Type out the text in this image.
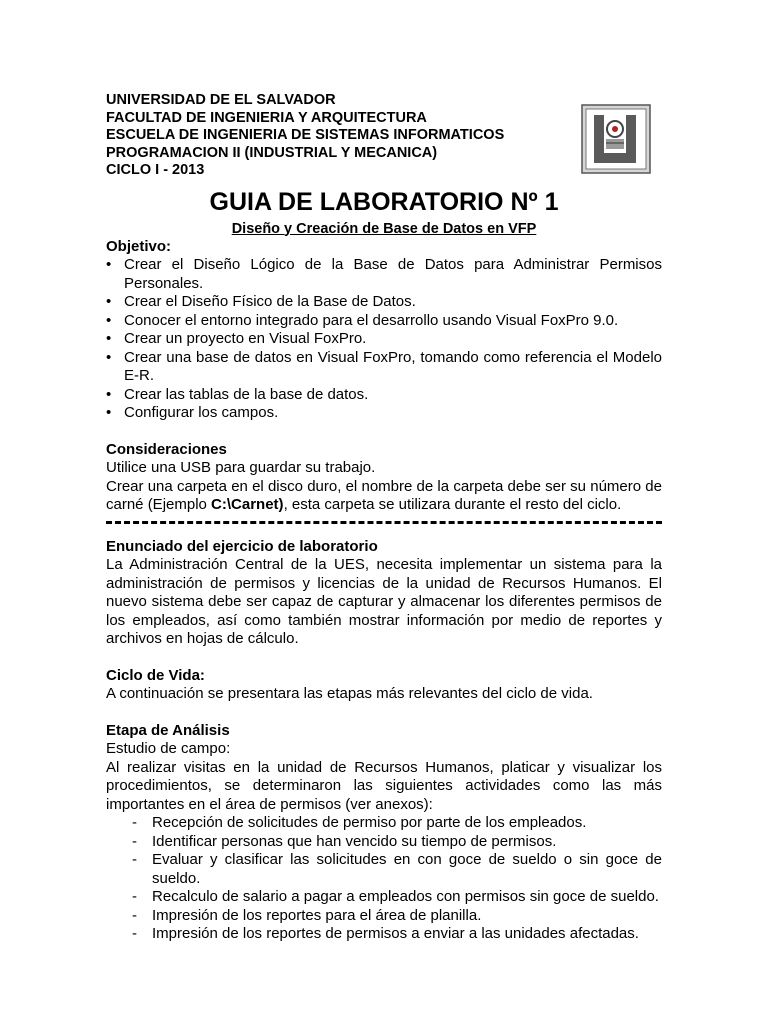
UNIVERSIDAD DE EL SALVADOR
FACULTAD DE INGENIERIA Y ARQUITECTURA
ESCUELA DE INGENIERIA DE SISTEMAS INFORMATICOS
PROGRAMACION II (INDUSTRIAL Y MECANICA)
CICLO I - 2013
GUIA DE LABORATORIO Nº 1
Diseño y Creación de Base de Datos en VFP
Objetivo:
• Crear el Diseño Lógico de la Base de Datos para Administrar Permisos Personales.
• Crear el Diseño Físico de la Base de Datos.
• Conocer el entorno integrado para el desarrollo usando Visual FoxPro 9.0.
• Crear un proyecto en Visual FoxPro.
• Crear una base de datos en Visual FoxPro, tomando como referencia el Modelo E-R.
• Crear las tablas de la base de datos.
• Configurar los campos.
Consideraciones
Utilice una USB para guardar su trabajo.
Crear una carpeta en el disco duro, el nombre de la carpeta debe ser su número de carné (Ejemplo C:\Carnet), esta carpeta se utilizara durante el resto del ciclo.
Enunciado del ejercicio de laboratorio
La Administración Central de la UES, necesita implementar un sistema para la administración de permisos y licencias de la unidad de Recursos Humanos. El nuevo sistema debe ser capaz de capturar y almacenar los diferentes permisos de los empleados, así como también mostrar información por medio de reportes y archivos en hojas de cálculo.
Ciclo de Vida:
A continuación se presentara las etapas más relevantes del ciclo de vida.
Etapa de Análisis
Estudio de campo:
Al realizar visitas en la unidad de Recursos Humanos, platicar y visualizar los procedimientos, se determinaron las siguientes actividades como las más importantes en el área de permisos (ver anexos):
- Recepción de solicitudes de permiso por parte de los empleados.
- Identificar personas que han vencido su tiempo de permisos.
- Evaluar y clasificar las solicitudes en con goce de sueldo o sin goce de sueldo.
- Recalculo de salario a pagar a empleados con permisos sin goce de sueldo.
- Impresión de los reportes para el área de planilla.
- Impresión de los reportes de permisos a enviar a las unidades afectadas.
